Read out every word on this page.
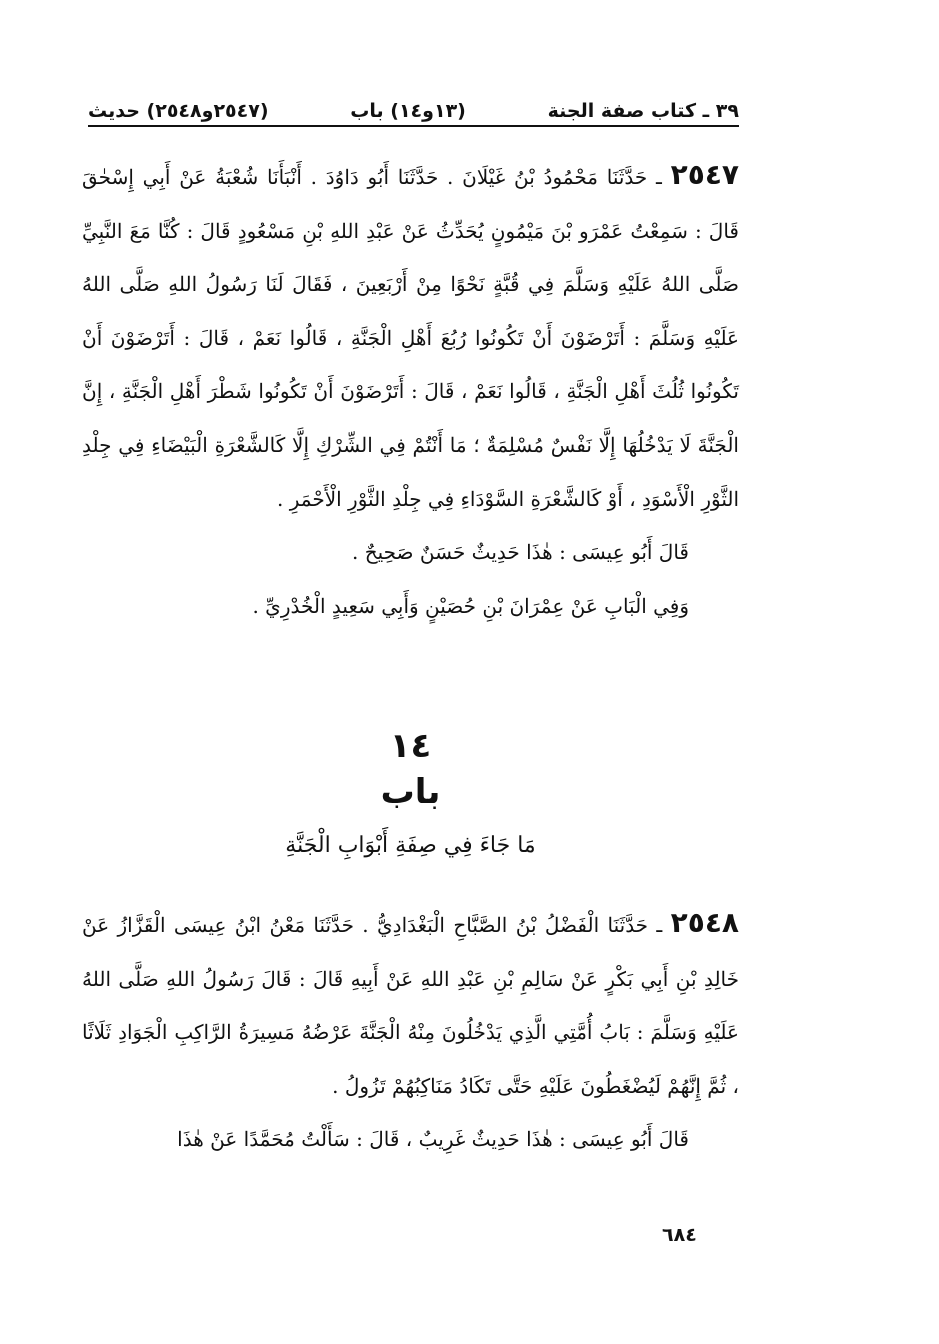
٣٩ ـ كتاب صفة الجنة
(١٣و١٤) باب
(٢٥٤٧و٢٥٤٨) حديث

٢٥٤٧ ـ حَدَّثَنَا مَحْمُودُ بْنُ غَيْلَانَ . حَدَّثَنَا أَبُو دَاوُدَ . أَنْبَأَنَا شُعْبَةُ عَنْ أَبِي إِسْحٰقَ قَالَ : سَمِعْتُ عَمْرَو بْنَ مَيْمُونٍ يُحَدِّثُ عَنْ عَبْدِ اللهِ بْنِ مَسْعُودٍ قَالَ : كُنَّا مَعَ النَّبِيِّ صَلَّى اللهُ عَلَيْهِ وَسَلَّمَ فِي قُبَّةٍ نَحْوًا مِنْ أَرْبَعِينَ ، فَقَالَ لَنَا رَسُولُ اللهِ صَلَّى اللهُ عَلَيْهِ وَسَلَّمَ : أَتَرْضَوْنَ أَنْ تَكُونُوا رُبُعَ أَهْلِ الْجَنَّةِ ، قَالُوا نَعَمْ ، قَالَ : أَتَرْضَوْنَ أَنْ تَكُونُوا ثُلُثَ أَهْلِ الْجَنَّةِ ، قَالُوا نَعَمْ ، قَالَ : أَتَرْضَوْنَ أَنْ تَكُونُوا شَطْرَ أَهْلِ الْجَنَّةِ ، إِنَّ الْجَنَّةَ لَا يَدْخُلُهَا إِلَّا نَفْسٌ مُسْلِمَةٌ ؛ مَا أَنْتُمْ فِي الشِّرْكِ إِلَّا كَالشَّعْرَةِ الْبَيْضَاءِ فِي جِلْدِ الثَّوْرِ الْأَسْوَدِ ، أَوْ كَالشَّعْرَةِ السَّوْدَاءِ فِي جِلْدِ الثَّوْرِ الْأَحْمَرِ .

قَالَ أَبُو عِيسَى : هٰذَا حَدِيثٌ حَسَنٌ صَحِيحٌ .

وَفِي الْبَابِ عَنْ عِمْرَانَ بْنِ حُصَيْنٍ وَأَبِي سَعِيدٍ الْخُدْرِيِّ .

١٤
باب
مَا جَاءَ فِي صِفَةِ أَبْوَابِ الْجَنَّةِ

٢٥٤٨ ـ حَدَّثَنَا الْفَضْلُ بْنُ الصَّبَّاحِ الْبَغْدَادِيُّ . حَدَّثَنَا مَعْنُ ابْنُ عِيسَى الْقَزَّازُ عَنْ خَالِدِ بْنِ أَبِي بَكْرٍ عَنْ سَالِمِ بْنِ عَبْدِ اللهِ عَنْ أَبِيهِ قَالَ : قَالَ رَسُولُ اللهِ صَلَّى اللهُ عَلَيْهِ وَسَلَّمَ : بَابُ أُمَّتِي الَّذِي يَدْخُلُونَ مِنْهُ الْجَنَّةَ عَرْضُهُ مَسِيرَةُ الرَّاكِبِ الْجَوَادِ ثَلَاثًا ، ثُمَّ إِنَّهُمْ لَيُضْغَطُونَ عَلَيْهِ حَتَّى تَكَادُ مَنَاكِبُهُمْ تَزُولُ .

قَالَ أَبُو عِيسَى : هٰذَا حَدِيثٌ غَرِيبٌ ، قَالَ : سَأَلْتُ مُحَمَّدًا عَنْ هٰذَا

٦٨٤
